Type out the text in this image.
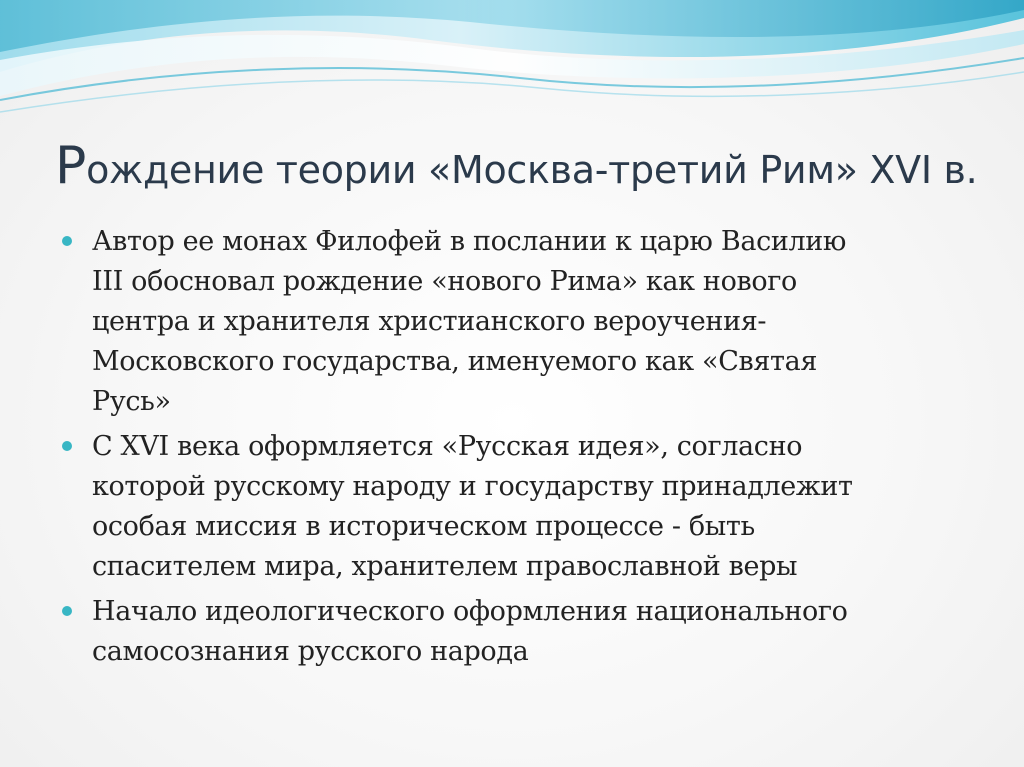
Рождение теории «Москва-третий Рим» XVI в.
Автор ее монах Филофей в послании к царю Василию
III обосновал рождение «нового Рима» как нового
центра и хранителя христианского вероучения-
Московского государства, именуемого как «Святая
Русь»
С XVI века оформляется «Русская идея», согласно
которой русскому народу и государству принадлежит
особая миссия в историческом процессе - быть
спасителем мира, хранителем православной веры
Начало идеологического оформления национального
самосознания русского народа
